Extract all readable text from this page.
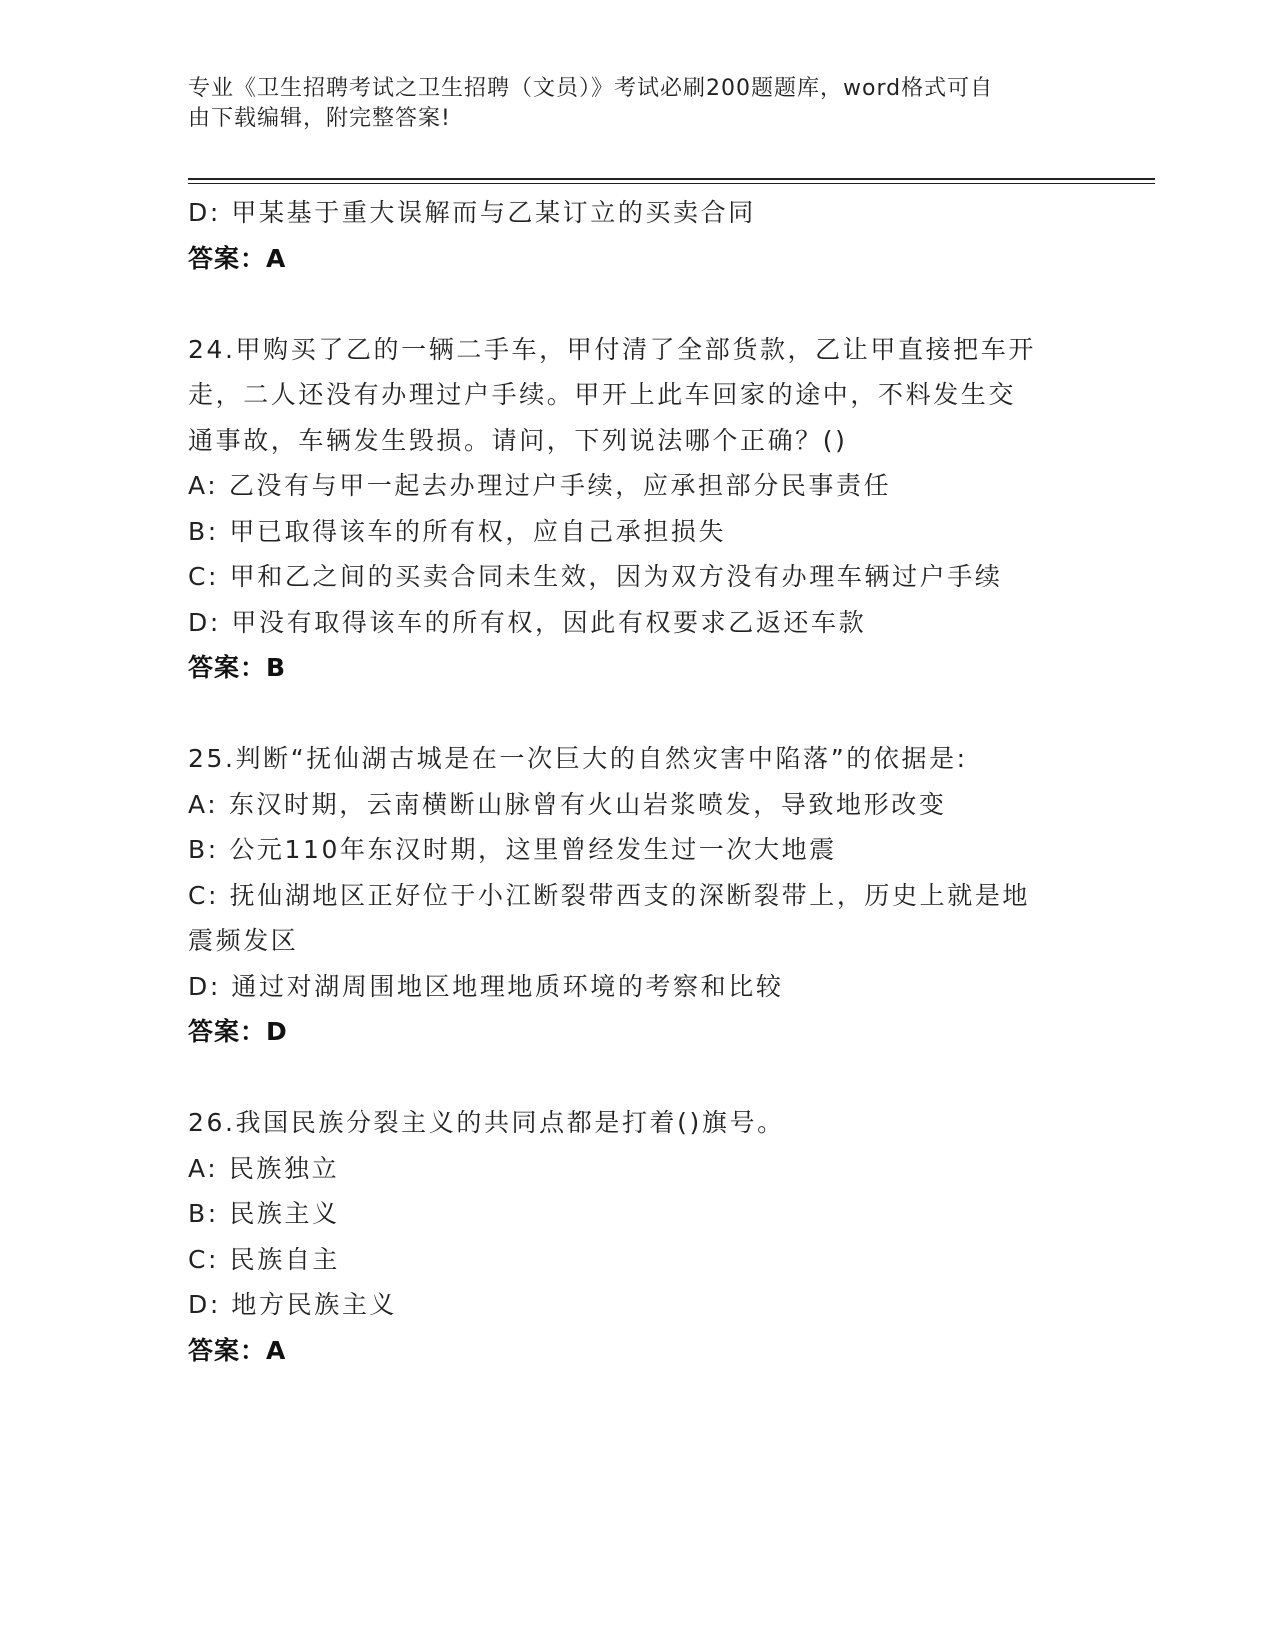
专业《卫生招聘考试之卫生招聘（文员）》考试必刷200题题库，word格式可自
由下载编辑，附完整答案!
D: 甲某基于重大误解而与乙某订立的买卖合同
答案：A
24.甲购买了乙的一辆二手车，甲付清了全部货款，乙让甲直接把车开
走，二人还没有办理过户手续。甲开上此车回家的途中，不料发生交
通事故，车辆发生毁损。请问，下列说法哪个正确？()
A: 乙没有与甲一起去办理过户手续，应承担部分民事责任
B: 甲已取得该车的所有权，应自己承担损失
C: 甲和乙之间的买卖合同未生效，因为双方没有办理车辆过户手续
D: 甲没有取得该车的所有权，因此有权要求乙返还车款
答案：B
25.判断“抚仙湖古城是在一次巨大的自然灾害中陷落”的依据是:
A: 东汉时期，云南横断山脉曾有火山岩浆喷发，导致地形改变
B: 公元110年东汉时期，这里曾经发生过一次大地震
C: 抚仙湖地区正好位于小江断裂带西支的深断裂带上，历史上就是地
震频发区
D: 通过对湖周围地区地理地质环境的考察和比较
答案：D
26.我国民族分裂主义的共同点都是打着()旗号。
A: 民族独立
B: 民族主义
C: 民族自主
D: 地方民族主义
答案：A
